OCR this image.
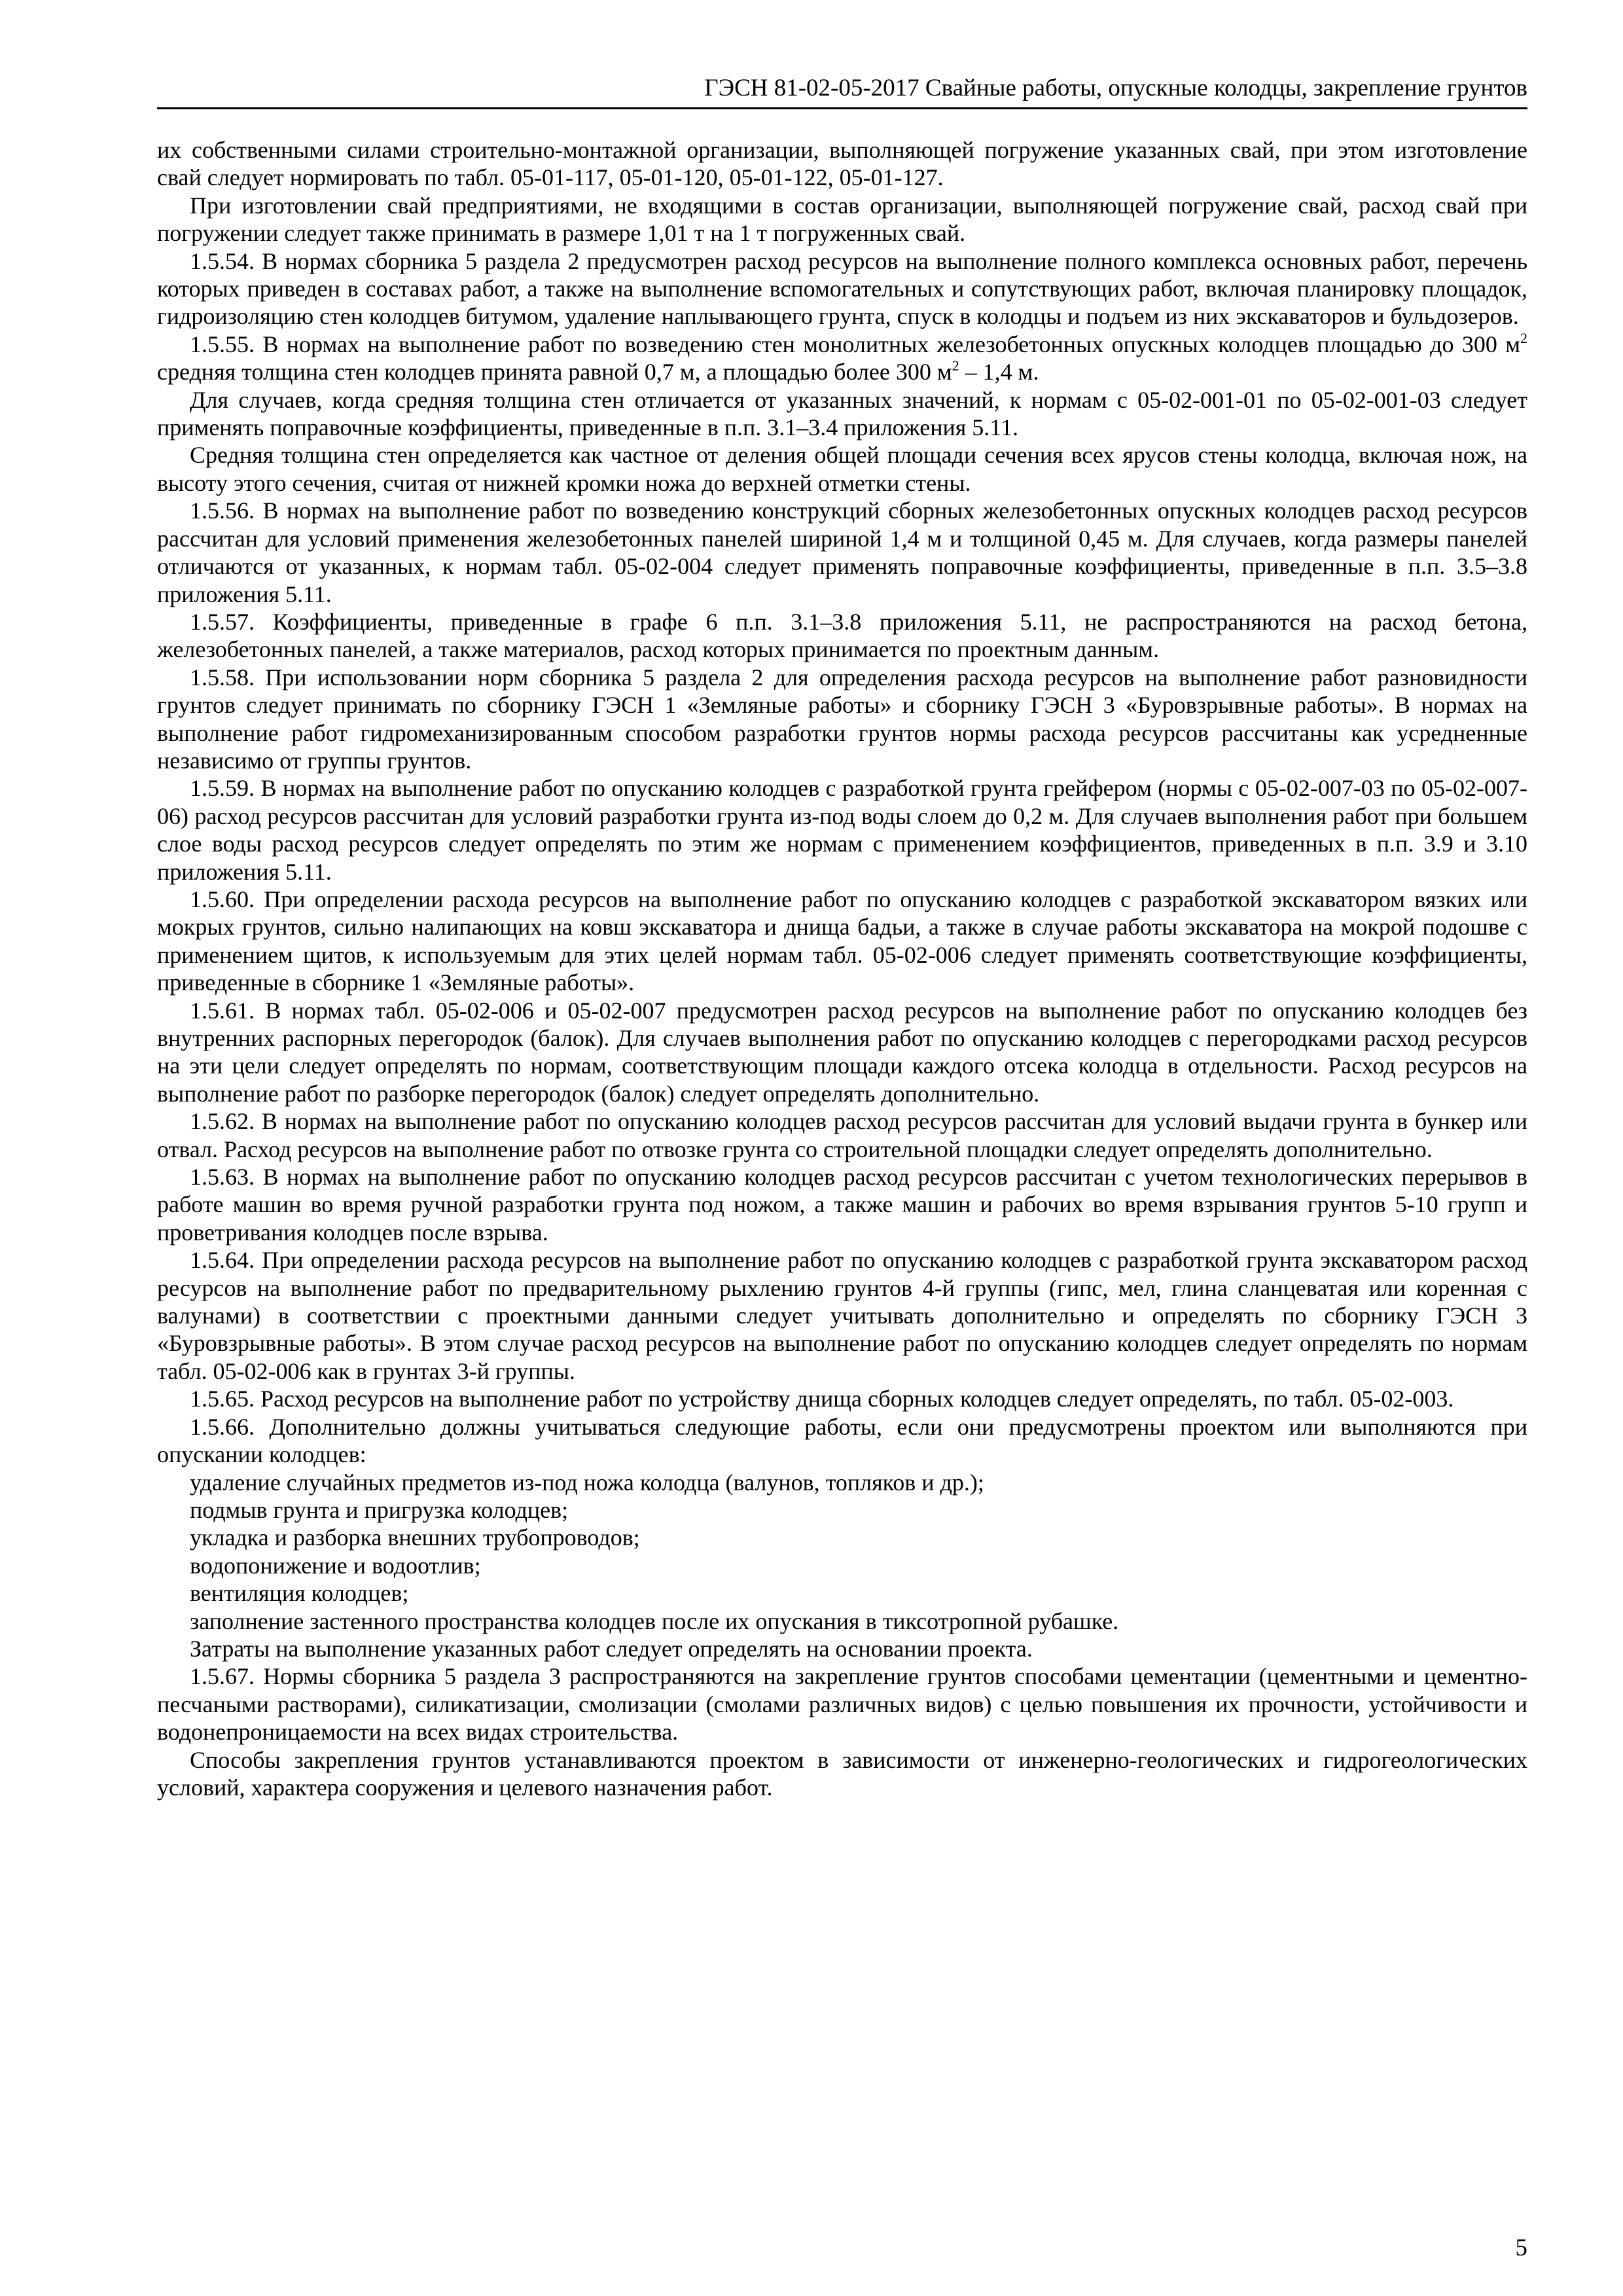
ГЭСН 81-02-05-2017 Свайные работы, опускные колодцы, закрепление грунтов

их собственными силами строительно-монтажной организации, выполняющей погружение указанных свай, при этом изготовление свай следует нормировать по табл. 05-01-117, 05-01-120, 05-01-122, 05-01-127.

При изготовлении свай предприятиями, не входящими в состав организации, выполняющей погружение свай, расход свай при погружении следует также принимать в размере 1,01 т на 1 т погруженных свай.

1.5.54. В нормах сборника 5 раздела 2 предусмотрен расход ресурсов на выполнение полного комплекса основных работ, перечень которых приведен в составах работ, а также на выполнение вспомогательных и сопутствующих работ, включая планировку площадок, гидроизоляцию стен колодцев битумом, удаление наплывающего грунта, спуск в колодцы и подъем из них экскаваторов и бульдозеров.

1.5.55. В нормах на выполнение работ по возведению стен монолитных железобетонных опускных колодцев площадью до 300 $м^2$ средняя толщина стен колодцев принята равной 0,7 м, а площадью более 300 $м^2 - 1,4$ м.

Для случаев, когда средняя толщина стен отличается от указанных значений, к нормам с 05-02-001-01 по 05-02-001-03 следует применять поправочные коэффициенты, приведенные в п.п. 3.1–3.4 приложения 5.11.

Средняя толщина стен определяется как частное от деления общей площади сечения всех ярусов стены колодца, включая нож, на высоту этого сечения, считая от нижней кромки ножа до верхней отметки стены.

1.5.56. В нормах на выполнение работ по возведению конструкций сборных железобетонных опускных колодцев расход ресурсов рассчитан для условий применения железобетонных панелей шириной 1,4 м и толщиной 0,45 м. Для случаев, когда размеры панелей отличаются от указанных, к нормам табл. 05-02-004 следует применять поправочные коэффициенты, приведенные в п.п. 3.5–3.8 приложения 5.11.

1.5.57. Коэффициенты, приведенные в графе 6 п.п. 3.1–3.8 приложения 5.11, не распространяются на расход бетона, железобетонных панелей, а также материалов, расход которых принимается по проектным данным.

1.5.58. При использовании норм сборника 5 раздела 2 для определения расхода ресурсов на выполнение работ разновидности грунтов следует принимать по сборнику ГЭСН 1 «Земляные работы» и сборнику ГЭСН 3 «Буровзрывные работы». В нормах на выполнение работ гидромеханизированным способом разработки грунтов нормы расхода ресурсов рассчитаны как усредненные независимо от группы грунтов.

1.5.59. В нормах на выполнение работ по опусканию колодцев с разработкой грунта грейфером (нормы с 05-02-007-03 по 05-02-007-06) расход ресурсов рассчитан для условий разработки грунта из-под воды слоем до 0,2 м. Для случаев выполнения работ при большем слое воды расход ресурсов следует определять по этим же нормам с применением коэффициентов, приведенных в п.п. 3.9 и 3.10 приложения 5.11.

1.5.60. При определении расхода ресурсов на выполнение работ по опусканию колодцев с разработкой экскаватором вязких или мокрых грунтов, сильно налипающих на ковш экскаватора и днища бадьи, а также в случае работы экскаватора на мокрой подошве с применением щитов, к используемым для этих целей нормам табл. 05-02-006 следует применять соответствующие коэффициенты, приведенные в сборнике 1 «Земляные работы».

1.5.61. В нормах табл. 05-02-006 и 05-02-007 предусмотрен расход ресурсов на выполнение работ по опусканию колодцев без внутренних распорных перегородок (балок). Для случаев выполнения работ по опусканию колодцев с перегородками расход ресурсов на эти цели следует определять по нормам, соответствующим площади каждого отсека колодца в отдельности. Расход ресурсов на выполнение работ по разборке перегородок (балок) следует определять дополнительно.

1.5.62. В нормах на выполнение работ по опусканию колодцев расход ресурсов рассчитан для условий выдачи грунта в бункер или отвал. Расход ресурсов на выполнение работ по отвозке грунта со строительной площадки следует определять дополнительно.

1.5.63. В нормах на выполнение работ по опусканию колодцев расход ресурсов рассчитан с учетом технологических перерывов в работе машин во время ручной разработки грунта под ножом, а также машин и рабочих во время взрывания грунтов 5-10 групп и проветривания колодцев после взрыва.

1.5.64. При определении расхода ресурсов на выполнение работ по опусканию колодцев с разработкой грунта экскаватором расход ресурсов на выполнение работ по предварительному рыхлению грунтов 4-й группы (гипс, мел, глина сланцеватая или коренная с валунами) в соответствии с проектными данными следует учитывать дополнительно и определять по сборнику ГЭСН 3 «Буровзрывные работы». В этом случае расход ресурсов на выполнение работ по опусканию колодцев следует определять по нормам табл. 05-02-006 как в грунтах 3-й группы.

1.5.65. Расход ресурсов на выполнение работ по устройству днища сборных колодцев следует определять, по табл. 05-02-003.

1.5.66. Дополнительно должны учитываться следующие работы, если они предусмотрены проектом или выполняются при опускании колодцев:

удаление случайных предметов из-под ножа колодца (валунов, топляков и др.);

подмыв грунта и пригрузка колодцев;

укладка и разборка внешних трубопроводов;

водопонижение и водоотлив;

вентиляция колодцев;

заполнение застенного пространства колодцев после их опускания в тиксотропной рубашке.

Затраты на выполнение указанных работ следует определять на основании проекта.

1.5.67. Нормы сборника 5 раздела 3 распространяются на закрепление грунтов способами цементации (цементными и цементно-песчаными растворами), силикатизации, смолизации (смолами различных видов) с целью повышения их прочности, устойчивости и водонепроницаемости на всех видах строительства.

Способы закрепления грунтов устанавливаются проектом в зависимости от инженерно-геологических и гидрогеологических условий, характера сооружения и целевого назначения работ.

5
